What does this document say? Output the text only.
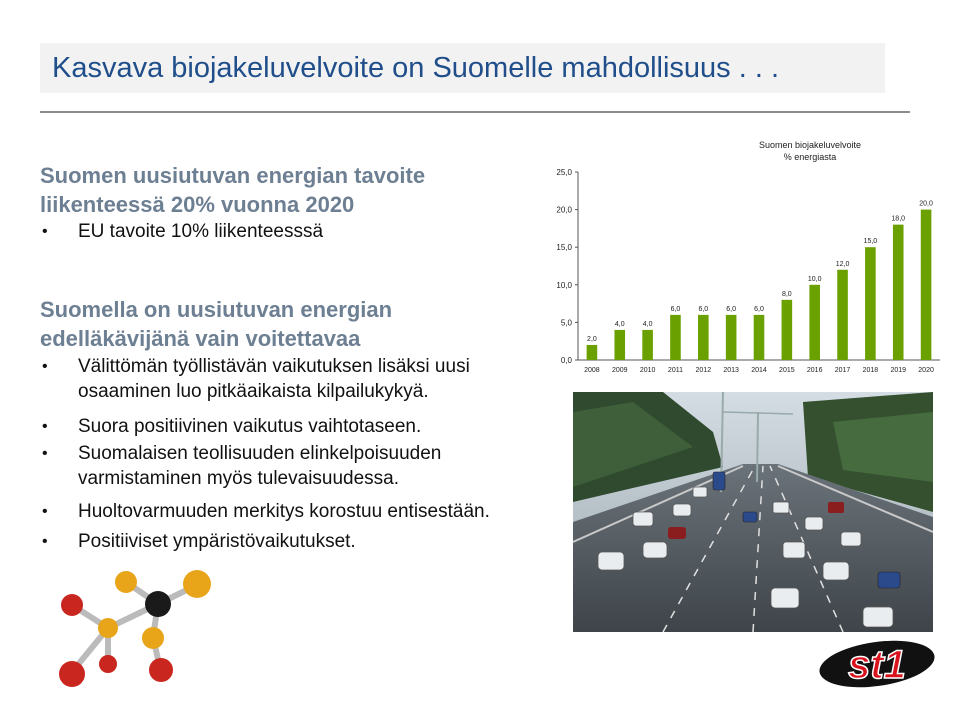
Kasvava biojakeluvelvoite on Suomelle mahdollisuus . . .
Suomen uusiutuvan energian tavoite
liikenteessä 20% vuonna 2020
• EU tavoite 10% liikenteesssä
Suomella on uusiutuvan energian
edelläkävijänä vain voitettavaa
• Välittömän työllistävän vaikutuksen lisäksi uusi
osaaminen luo pitkäaikaista kilpailukykyä.
• Suora positiivinen vaikutus vaihtotaseen.
• Suomalaisen teollisuuden elinkelpoisuuden
varmistaminen myös tulevaisuudessa.
• Huoltovarmuuden merkitys korostuu entisestään.
• Positiiviset ympäristövaikutukset.
Suomen biojakeluvelvoite
% energiasta
0,0
5,0
10,0
15,0
20,0
25,0
2,0
2008
4,0
2009
4,0
2010
6,0
2011
6,0
2012
6,0
2013
6,0
2014
8,0
2015
10,0
2016
12,0
2017
15,0
2018
18,0
2019
20,0
2020
st1
